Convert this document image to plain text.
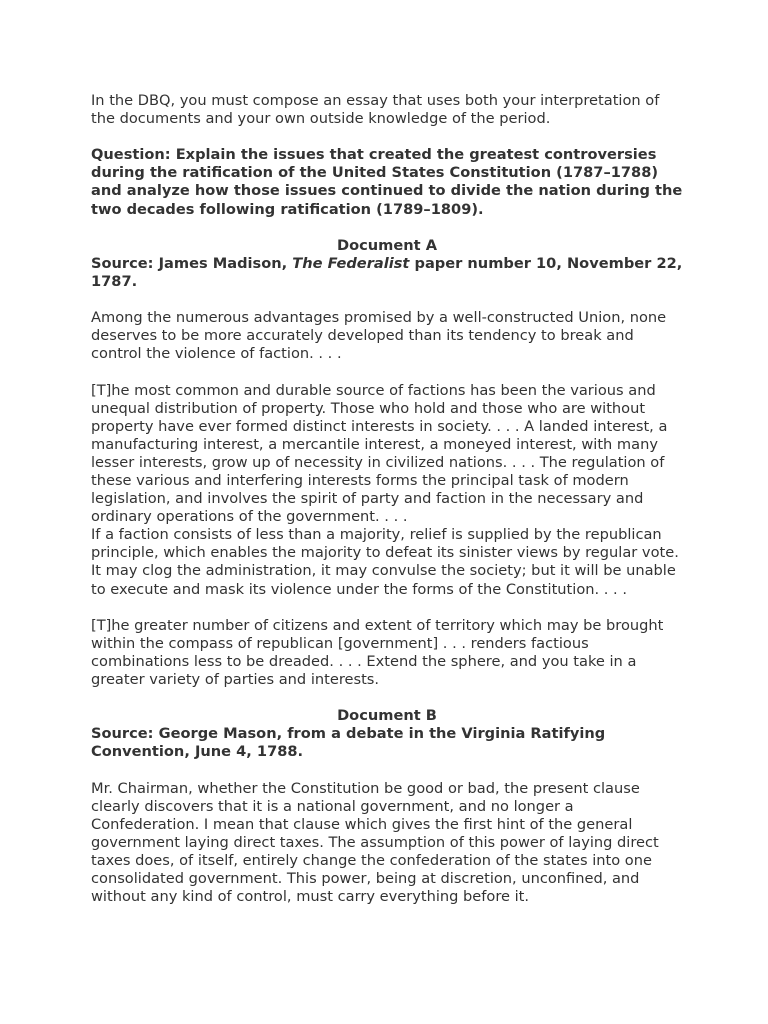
In the DBQ, you must compose an essay that uses both your interpretation of the documents and your own outside knowledge of the period.

Question: Explain the issues that created the greatest controversies during the ratification of the United States Constitution (1787–1788) and analyze how those issues continued to divide the nation during the two decades following ratification (1789–1809).

Document A
Source: James Madison, The Federalist paper number 10, November 22, 1787.

Among the numerous advantages promised by a well-constructed Union, none deserves to be more accurately developed than its tendency to break and control the violence of faction. . . .

[T]he most common and durable source of factions has been the various and unequal distribution of property. Those who hold and those who are without property have ever formed distinct interests in society. . . . A landed interest, a manufacturing interest, a mercantile interest, a moneyed interest, with many lesser interests, grow up of necessity in civilized nations. . . . The regulation of these various and interfering interests forms the principal task of modern legislation, and involves the spirit of party and faction in the necessary and ordinary operations of the government. . . .

If a faction consists of less than a majority, relief is supplied by the republican principle, which enables the majority to defeat its sinister views by regular vote. It may clog the administration, it may convulse the society; but it will be unable to execute and mask its violence under the forms of the Constitution. . . .

[T]he greater number of citizens and extent of territory which may be brought within the compass of republican [government] . . . renders factious combinations less to be dreaded. . . . Extend the sphere, and you take in a greater variety of parties and interests.

Document B
Source: George Mason, from a debate in the Virginia Ratifying Convention, June 4, 1788.

Mr. Chairman, whether the Constitution be good or bad, the present clause clearly discovers that it is a national government, and no longer a Confederation. I mean that clause which gives the first hint of the general government laying direct taxes. The assumption of this power of laying direct taxes does, of itself, entirely change the confederation of the states into one consolidated government. This power, being at discretion, unconfined, and without any kind of control, must carry everything before it.
